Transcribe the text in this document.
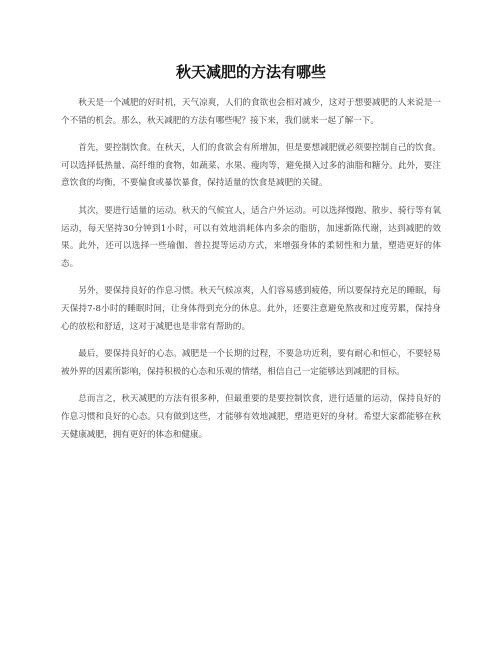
秋天减肥的方法有哪些

秋天是一个减肥的好时机，天气凉爽，人们的食欲也会相对减少，这对于想要减肥的人来说是一个不错的机会。那么，秋天减肥的方法有哪些呢？接下来，我们就来一起了解一下。

首先，要控制饮食。在秋天，人们的食欲会有所增加，但是要想减肥就必须要控制自己的饮食。可以选择低热量、高纤维的食物，如蔬菜、水果、瘦肉等，避免摄入过多的油脂和糖分。此外，要注意饮食的均衡，不要偏食或暴饮暴食，保持适量的饮食是减肥的关键。

其次，要进行适量的运动。秋天的气候宜人，适合户外运动。可以选择慢跑、散步、骑行等有氧运动，每天坚持30分钟到1小时，可以有效地消耗体内多余的脂肪，加速新陈代谢，达到减肥的效果。此外，还可以选择一些瑜伽、普拉提等运动方式，来增强身体的柔韧性和力量，塑造更好的体态。

另外，要保持良好的作息习惯。秋天气候凉爽，人们容易感到疲倦，所以要保持充足的睡眠，每天保持7-8小时的睡眠时间，让身体得到充分的休息。此外，还要注意避免熬夜和过度劳累，保持身心的放松和舒适，这对于减肥也是非常有帮助的。

最后，要保持良好的心态。减肥是一个长期的过程，不要急功近利，要有耐心和恒心，不要轻易被外界的因素所影响，保持积极的心态和乐观的情绪，相信自己一定能够达到减肥的目标。

总而言之，秋天减肥的方法有很多种，但最重要的是要控制饮食，进行适量的运动，保持良好的作息习惯和良好的心态。只有做到这些，才能够有效地减肥，塑造更好的身材。希望大家都能够在秋天健康减肥，拥有更好的体态和健康。
